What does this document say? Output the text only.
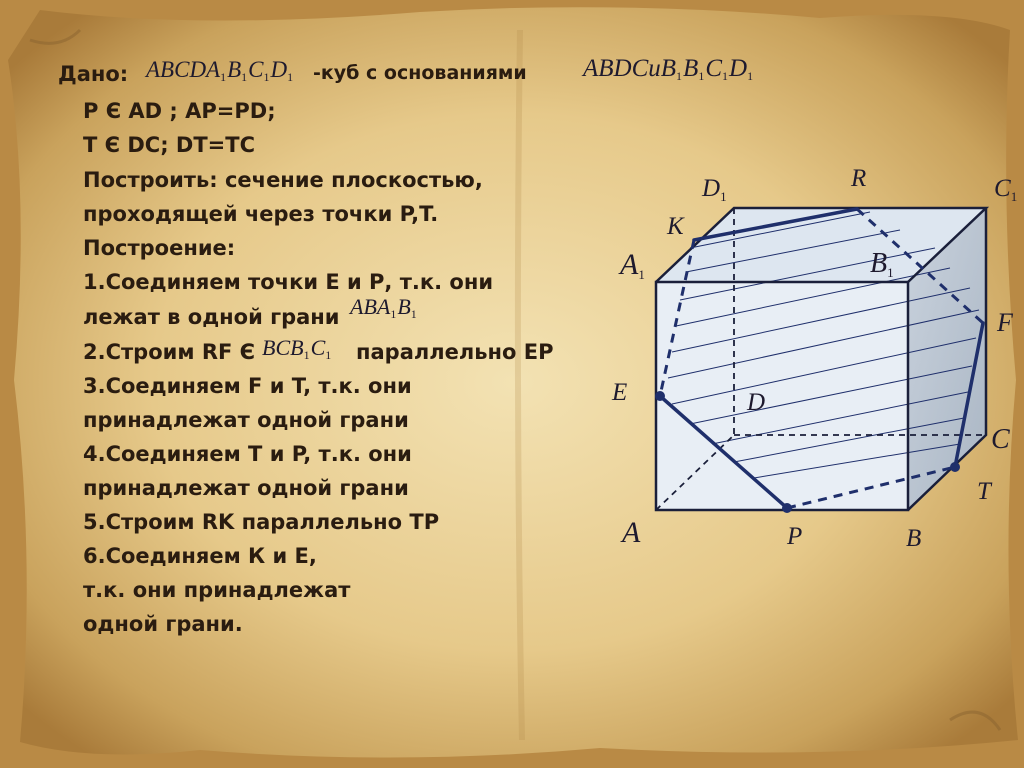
Дано: $ABCDA_1B_1C_1D_1$ -куб с основаниями $ABDCuB_1B_1C_1D_1$
P Є AD ; AP=PD;
T Є DC; DT=TC
Построить: сечение плоскостью,
проходящей через точки P,T.
Построение:
1.Соединяем точки Е и Р, т.к. они
лежат в одной грани $ABA_1B_1$
2.Строим RF Є $BCB_1C_1$ параллельно ЕР
3.Соединяем F и T, т.к. они
принадлежат одной грани
4.Соединяем T и P, т.к. они
принадлежат одной грани
5.Строим RK параллельно TP
6.Соединяем К и Е,
т.к. они принадлежат
одной грани.
$D_1$
R	$C_1$
K
$A_1$	$B_1$
F
E	D
C
T
A	P	B
